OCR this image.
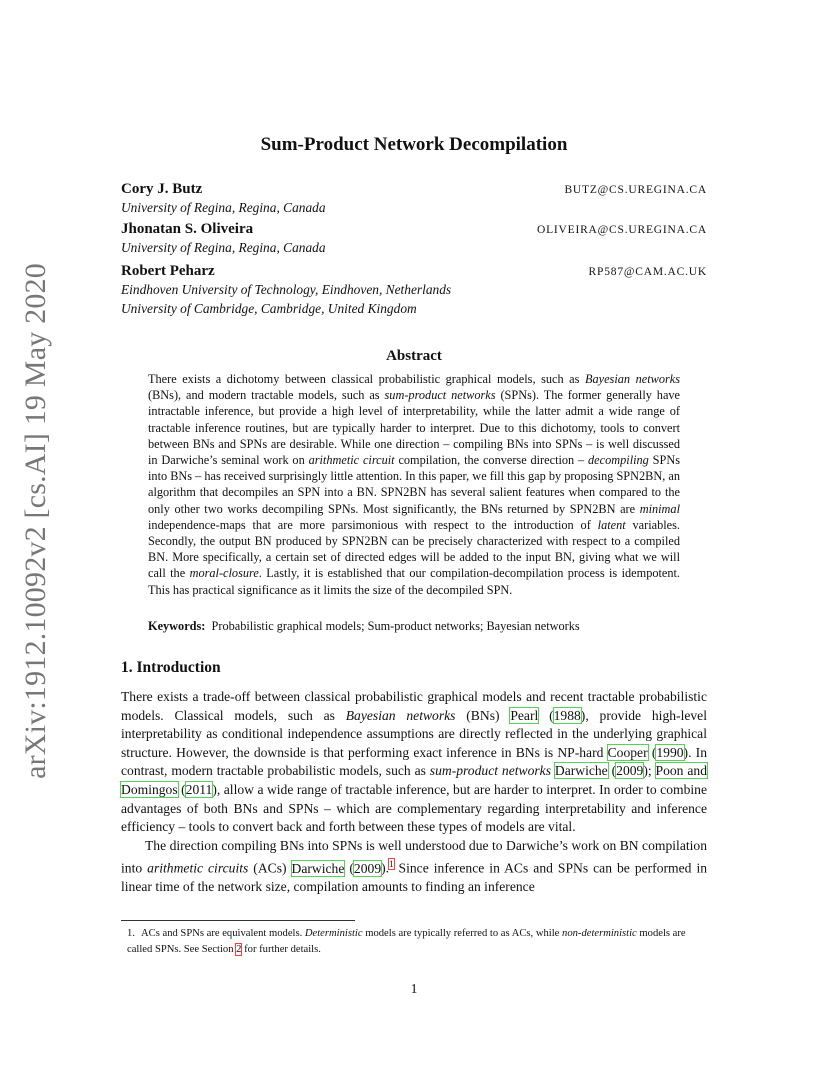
arXiv:1912.10092v2 [cs.AI] 19 May 2020
Sum-Product Network Decompilation
Cory J. Butz	BUTZ@CS.UREGINA.CA
University of Regina, Regina, Canada
Jhonatan S. Oliveira	OLIVEIRA@CS.UREGINA.CA
University of Regina, Regina, Canada
Robert Peharz	RP587@CAM.AC.UK
Eindhoven University of Technology, Eindhoven, Netherlands
University of Cambridge, Cambridge, United Kingdom
Abstract
There exists a dichotomy between classical probabilistic graphical models, such as Bayesian networks (BNs), and modern tractable models, such as sum-product networks (SPNs). The former generally have intractable inference, but provide a high level of interpretability, while the latter admit a wide range of tractable inference routines, but are typically harder to interpret. Due to this dichotomy, tools to convert between BNs and SPNs are desirable. While one direction – compiling BNs into SPNs – is well discussed in Darwiche’s seminal work on arithmetic circuit compilation, the converse direction – decompiling SPNs into BNs – has received surprisingly little attention. In this paper, we fill this gap by proposing SPN2BN, an algorithm that decompiles an SPN into a BN. SPN2BN has several salient features when compared to the only other two works decompiling SPNs. Most significantly, the BNs returned by SPN2BN are minimal independence-maps that are more parsimonious with respect to the introduction of latent variables. Secondly, the output BN produced by SPN2BN can be precisely characterized with respect to a compiled BN. More specifically, a certain set of directed edges will be added to the input BN, giving what we will call the moral-closure. Lastly, it is established that our compilation-decompilation process is idempotent. This has practical significance as it limits the size of the decompiled SPN.
Keywords: Probabilistic graphical models; Sum-product networks; Bayesian networks
1. Introduction

There exists a trade-off between classical probabilistic graphical models and recent tractable probabilistic models. Classical models, such as Bayesian networks (BNs) Pearl (1988), provide high-level interpretability as conditional independence assumptions are directly reflected in the underlying graphical structure. However, the downside is that performing exact inference in BNs is NP-hard Cooper (1990). In contrast, modern tractable probabilistic models, such as sum-product networks Darwiche (2009); Poon and Domingos (2011), allow a wide range of tractable inference, but are harder to interpret. In order to combine advantages of both BNs and SPNs – which are complementary regarding interpretability and inference efficiency – tools to convert back and forth between these types of models are vital.

The direction compiling BNs into SPNs is well understood due to Darwiche’s work on BN compilation into arithmetic circuits (ACs) Darwiche (2009).$^1$ Since inference in ACs and SPNs can be performed in linear time of the network size, compilation amounts to finding an inference

1. ACs and SPNs are equivalent models. Deterministic models are typically referred to as ACs, while non-deterministic models are called SPNs. See Section 2 for further details.
1
